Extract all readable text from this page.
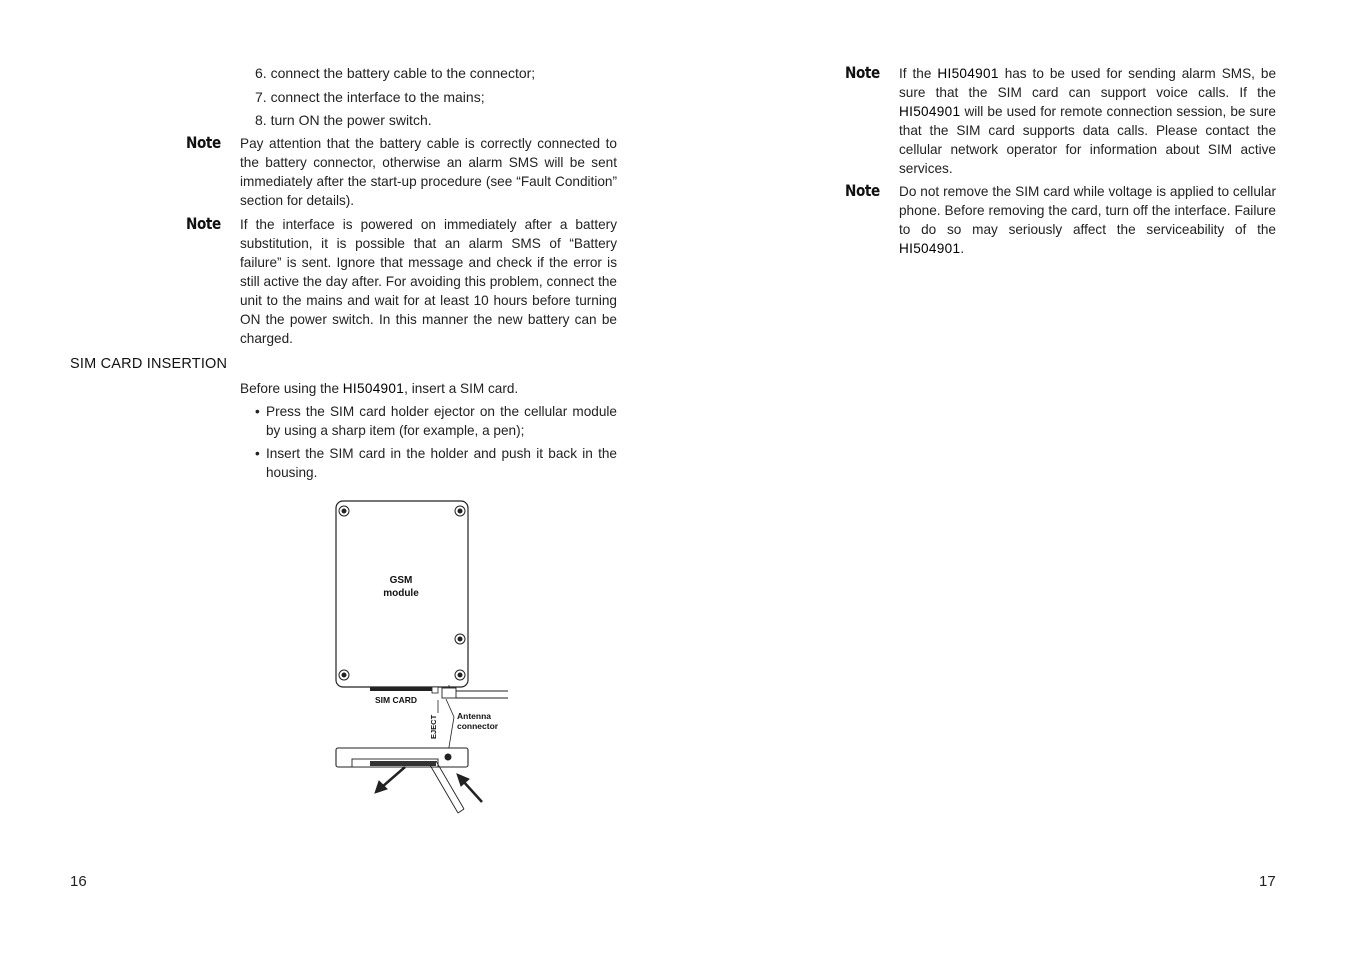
6. connect the battery cable to the connector;
7. connect the interface to the mains;
8. turn ON the power switch.
Note Pay attention that the battery cable is correctly connected to the battery connector, otherwise an alarm SMS will be sent immediately after the start-up procedure (see “Fault Condition” section for details).
Note If the interface is powered on immediately after a battery substitution, it is possible that an alarm SMS of “Battery failure” is sent. Ignore that message and check if the error is still active the day after. For avoiding this problem, connect the unit to the mains and wait for at least 10 hours before turning ON the power switch. In this manner the new battery can be charged.
SIM CARD INSERTION
Before using the HI504901, insert a SIM card.
• Press the SIM card holder ejector on the cellular module by using a sharp item (for example, a pen);
• Insert the SIM card in the holder and push it back in the housing.
GSM
module
SIM CARD
EJECT Antenna
connector
16
Note If the HI504901 has to be used for sending alarm SMS, be sure that the SIM card can support voice calls. If the HI504901 will be used for remote connection session, be sure that the SIM card supports data calls. Please contact the cellular network operator for information about SIM active services.
Note Do not remove the SIM card while voltage is applied to cellular phone. Before removing the card, turn off the interface. Failure to do so may seriously affect the serviceability of the HI504901.
17
